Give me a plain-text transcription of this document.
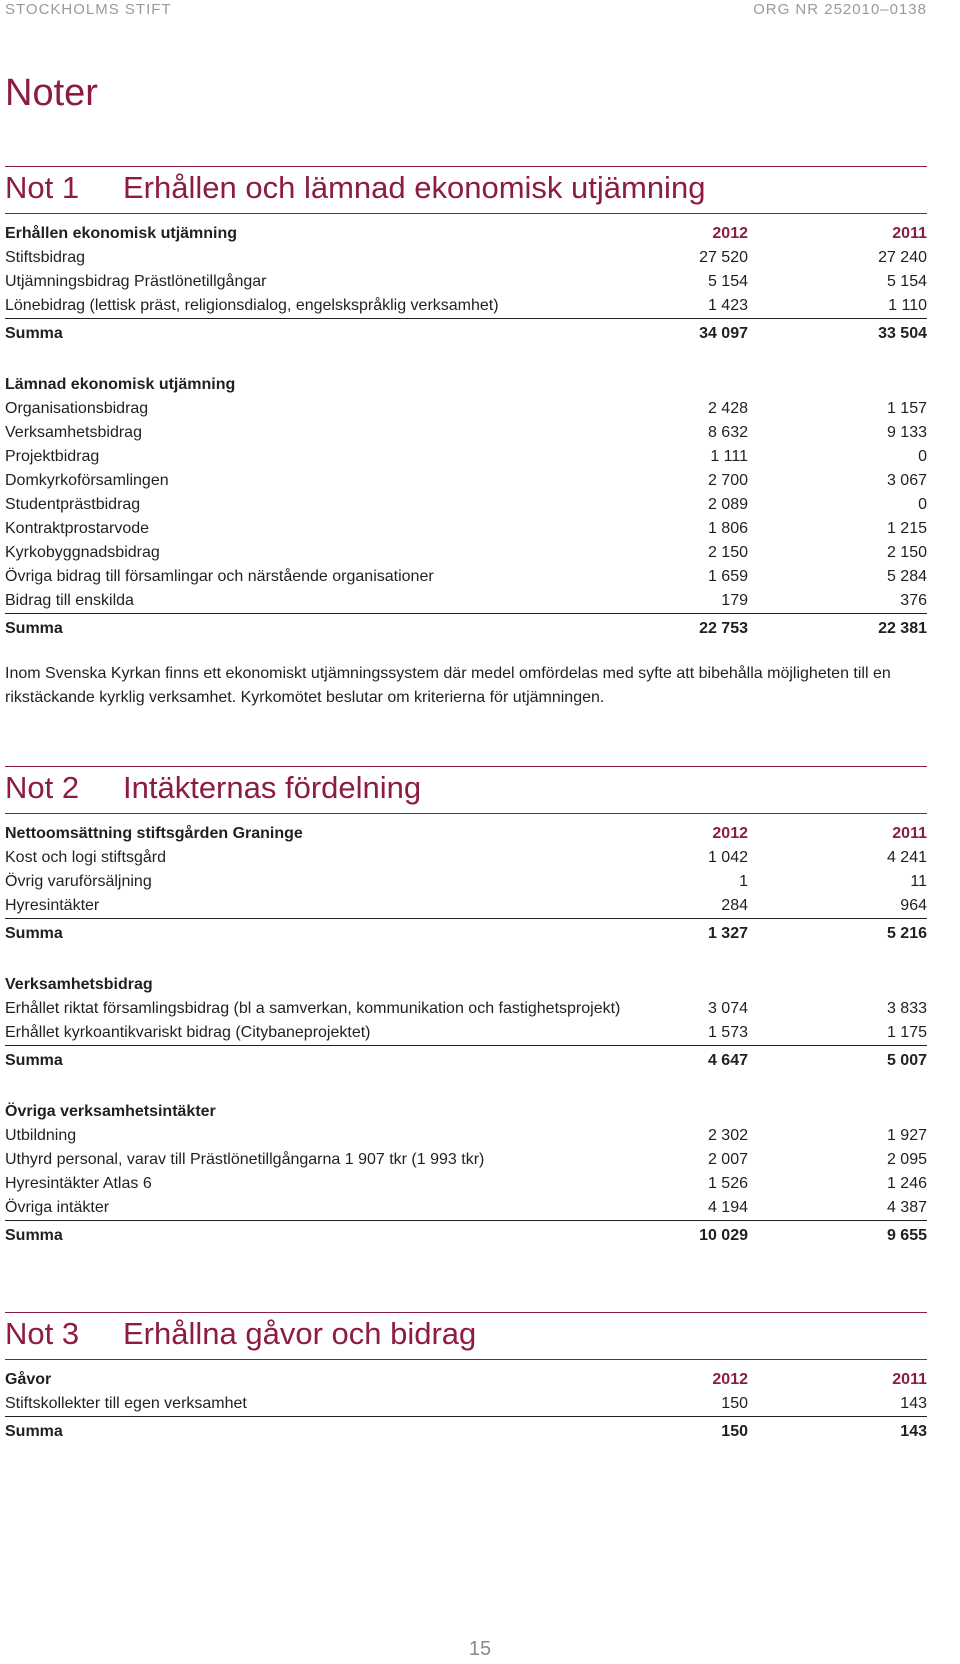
STOCKHOLMS STIFT	ORG NR 252010–0138
Noter
Not 1 Erhållen och lämnad ekonomisk utjämning
Erhållen ekonomisk utjämning	2012	2011
Stiftsbidrag	27 520	27 240
Utjämningsbidrag Prästlönetillgångar	5 154	5 154
Lönebidrag (lettisk präst, religionsdialog, engelskspråklig verksamhet)	1 423	1 110
Summa	34 097	33 504

Lämnad ekonomisk utjämning		
Organisationsbidrag	2 428	1 157
Verksamhetsbidrag	8 632	9 133
Projektbidrag	1 111	0
Domkyrkoförsamlingen	2 700	3 067
Studentprästbidrag	2 089	0
Kontraktprostarvode	1 806	1 215
Kyrkobyggnadsbidrag	2 150	2 150
Övriga bidrag till församlingar och närstående organisationer	1 659	5 284
Bidrag till enskilda	179	376
Summa	22 753	22 381

Inom Svenska Kyrkan finns ett ekonomiskt utjämningssystem där medel omfördelas med syfte att bibehålla möjligheten till en rikstäckande kyrklig verksamhet. Kyrkomötet beslutar om kriterierna för utjämningen.

Not 2 Intäkternas fördelning
Nettoomsättning stiftsgården Graninge	2012	2011
Kost och logi stiftsgård	1 042	4 241
Övrig varuförsäljning	1	11
Hyresintäkter	284	964
Summa	1 327	5 216

Verksamhetsbidrag		
Erhållet riktat församlingsbidrag (bl a samverkan, kommunikation och fastighetsprojekt)	3 074	3 833
Erhållet kyrkoantikvariskt bidrag (Citybaneprojektet)	1 573	1 175
Summa	4 647	5 007

Övriga verksamhetsintäkter		
Utbildning	2 302	1 927
Uthyrd personal, varav till Prästlönetillgångarna 1 907 tkr (1 993 tkr)	2 007	2 095
Hyresintäkter Atlas 6	1 526	1 246
Övriga intäkter	4 194	4 387
Summa	10 029	9 655
Not 3 Erhållna gåvor och bidrag
Gåvor	2012	2011
Stiftskollekter till egen verksamhet	150	143
Summa	150	143
15
